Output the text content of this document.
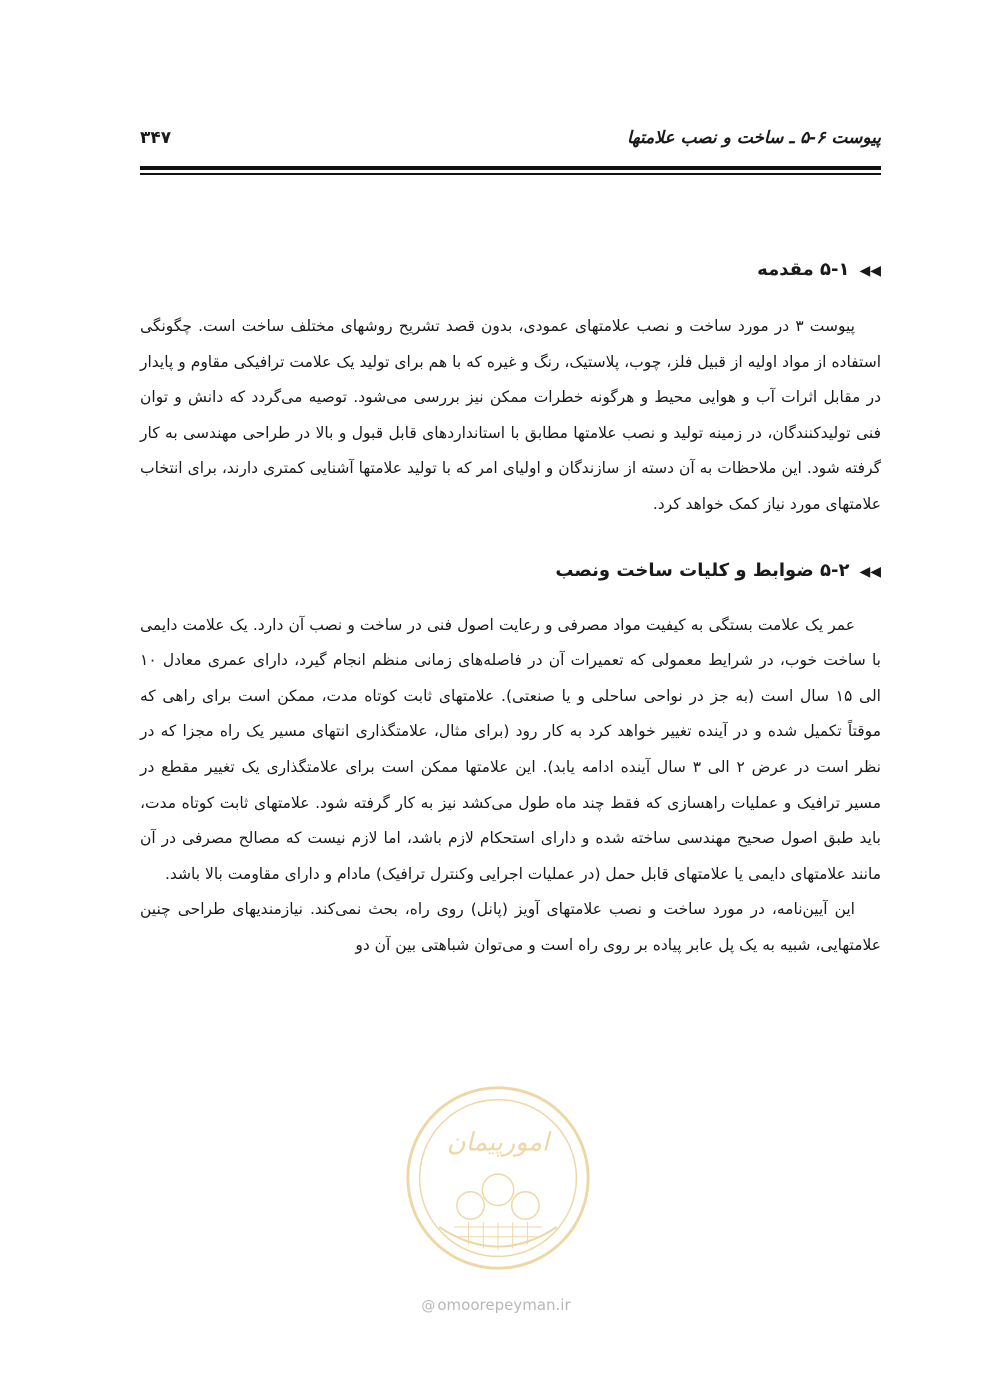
پیوست ۶-۵ ـ ساخت و نصب علامتها
۳۴۷
◀◀۵-۱ مقدمه

پیوست ۳ در مورد ساخت و نصب علامتهای عمودی، بدون قصد تشریح روشهای مختلف ساخت است. چگونگی استفاده از مواد اولیه از قبیل فلز، چوب، پلاستیک، رنگ و غیره که با هم برای تولید یک علامت ترافیکی مقاوم و پایدار در مقابل اثرات آب و هوایی محیط و هرگونه خطرات ممکن نیز بررسی می‌شود. توصیه می‌گردد که دانش و توان فنی تولیدکنندگان، در زمینه تولید و نصب علامتها مطابق با استانداردهای قابل قبول و بالا در طراحی مهندسی به کار گرفته شود. این ملاحظات به آن دسته از سازندگان و اولیای امر که با تولید علامتها آشنایی کمتری دارند، برای انتخاب علامتهای مورد نیاز کمک خواهد کرد.

◀◀۵-۲ ضوابط و کلیات ساخت ونصب

عمر یک علامت بستگی به کیفیت مواد مصرفی و رعایت اصول فنی در ساخت و نصب آن دارد. یک علامت دایمی با ساخت خوب، در شرایط معمولی که تعمیرات آن در فاصله‌های زمانی منظم انجام گیرد، دارای عمری معادل ۱۰ الی ۱۵ سال است (به جز در نواحی ساحلی و یا صنعتی). علامتهای ثابت کوتاه مدت، ممکن است برای راهی که موقتاً تکمیل شده و در آینده تغییر خواهد کرد به کار رود (برای مثال، علامتگذاری انتهای مسیر یک راه مجزا که در نظر است در عرض ۲ الی ۳ سال آینده ادامه یابد). این علامتها ممکن است برای علامتگذاری یک تغییر مقطع در مسیر ترافیک و عملیات راهسازی که فقط چند ماه طول می‌کشد نیز به کار گرفته شود. علامتهای ثابت کوتاه مدت، باید طبق اصول صحیح مهندسی ساخته شده و دارای استحکام لازم باشد، اما لازم نیست که مصالح مصرفی در آن مانند علامتهای دایمی یا علامتهای قابل حمل (در عملیات اجرایی وکنترل ترافیک) مادام و دارای مقاومت بالا باشد.

این آیین‌نامه، در مورد ساخت و نصب علامتهای آویز (پانل) روی راه، بحث نمی‌کند. نیازمندیهای طراحی چنین علامتهایی، شبیه به یک پل عابر پیاده بر روی راه است و می‌توان شباهتی بین آن دو

امورپیمان
@ omoorepeyman.ir
